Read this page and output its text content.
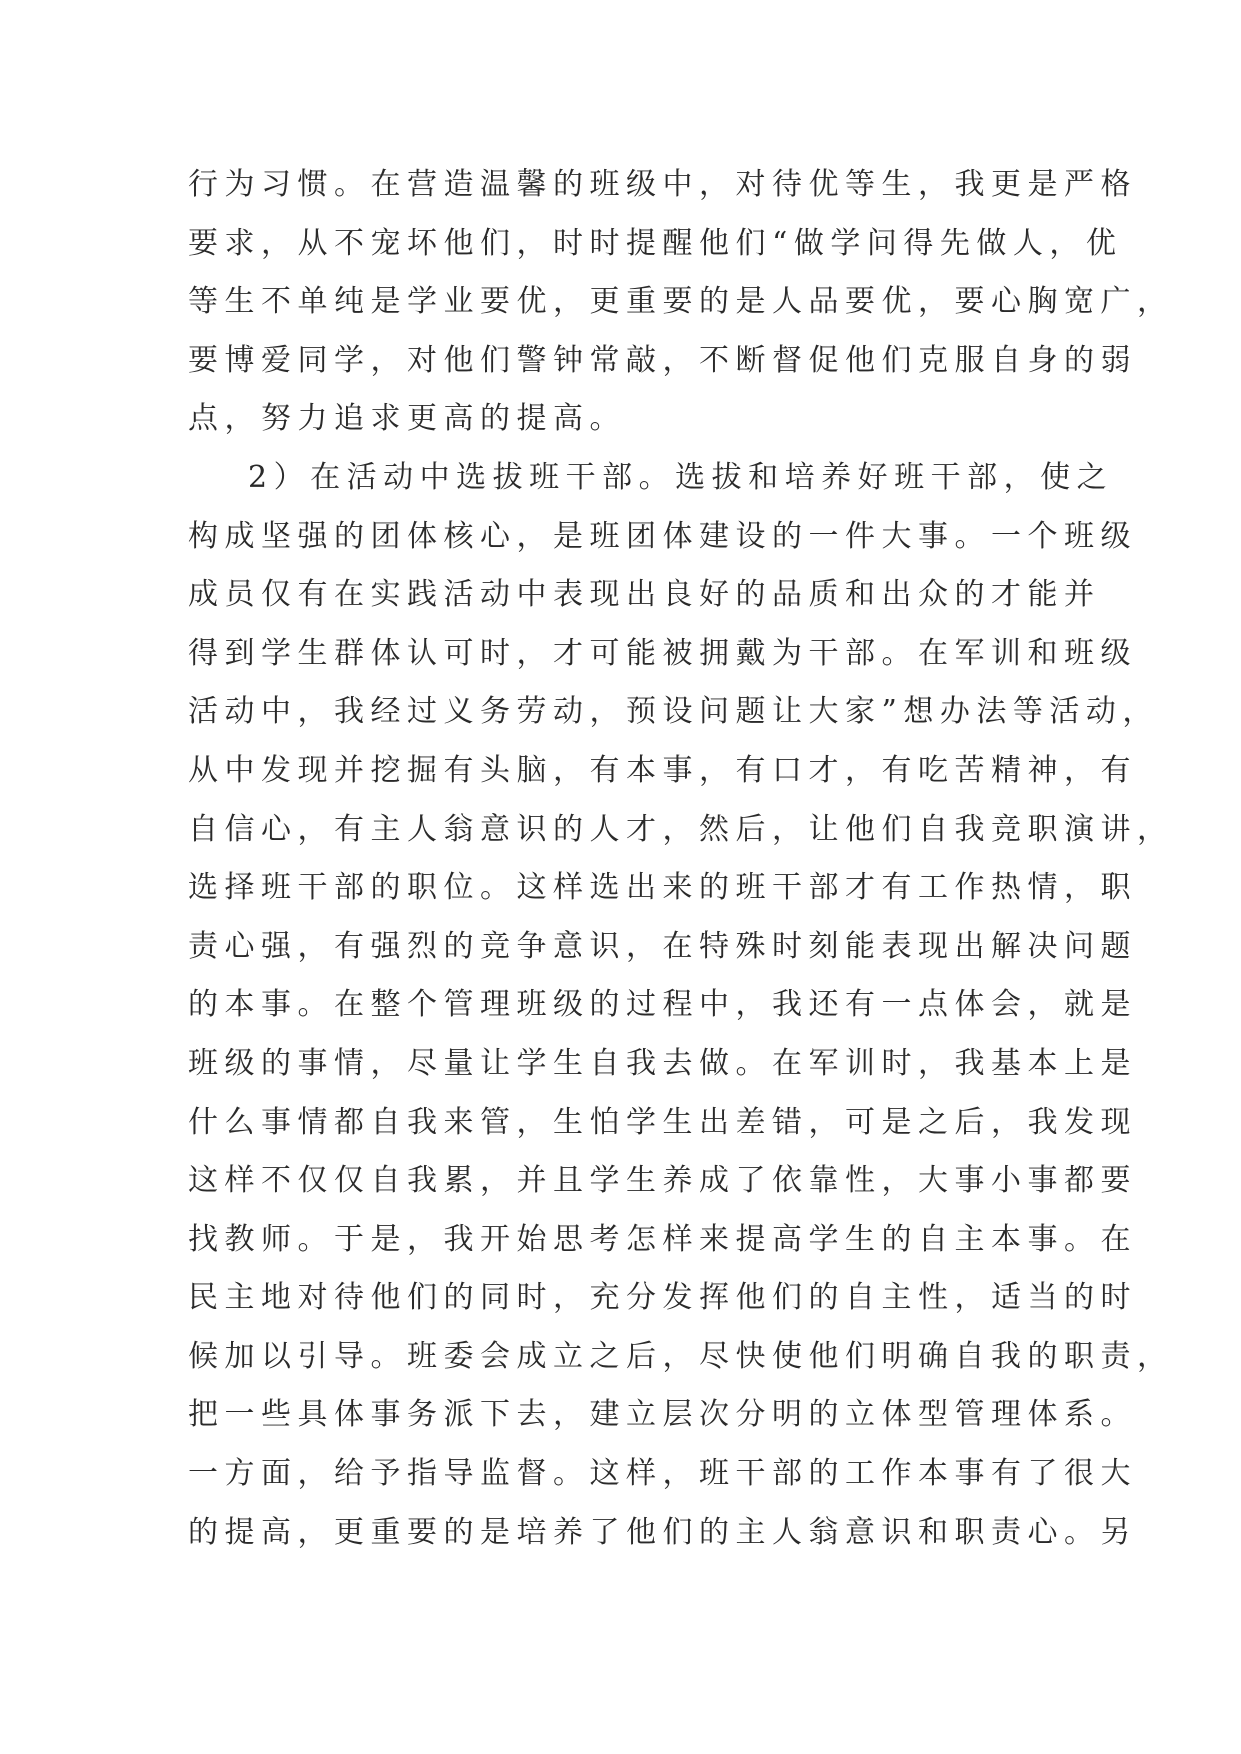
行为习惯。在营造温馨的班级中，对待优等生，我更是严格
要求，从不宠坏他们，时时提醒他们“做学问得先做人，优
等生不单纯是学业要优，更重要的是人品要优，要心胸宽广，
要博爱同学，对他们警钟常敲，不断督促他们克服自身的弱
点，努力追求更高的提高。
2）在活动中选拔班干部。选拔和培养好班干部，使之
构成坚强的团体核心，是班团体建设的一件大事。一个班级
成员仅有在实践活动中表现出良好的品质和出众的才能并
得到学生群体认可时，才可能被拥戴为干部。在军训和班级
活动中，我经过义务劳动，预设问题让大家”想办法等活动，
从中发现并挖掘有头脑，有本事，有口才，有吃苦精神，有
自信心，有主人翁意识的人才，然后，让他们自我竞职演讲，
选择班干部的职位。这样选出来的班干部才有工作热情，职
责心强，有强烈的竞争意识，在特殊时刻能表现出解决问题
的本事。在整个管理班级的过程中，我还有一点体会，就是
班级的事情，尽量让学生自我去做。在军训时，我基本上是
什么事情都自我来管，生怕学生出差错，可是之后，我发现
这样不仅仅自我累，并且学生养成了依靠性，大事小事都要
找教师。于是，我开始思考怎样来提高学生的自主本事。在
民主地对待他们的同时，充分发挥他们的自主性，适当的时
候加以引导。班委会成立之后，尽快使他们明确自我的职责，
把一些具体事务派下去，建立层次分明的立体型管理体系。
一方面，给予指导监督。这样，班干部的工作本事有了很大
的提高，更重要的是培养了他们的主人翁意识和职责心。另
